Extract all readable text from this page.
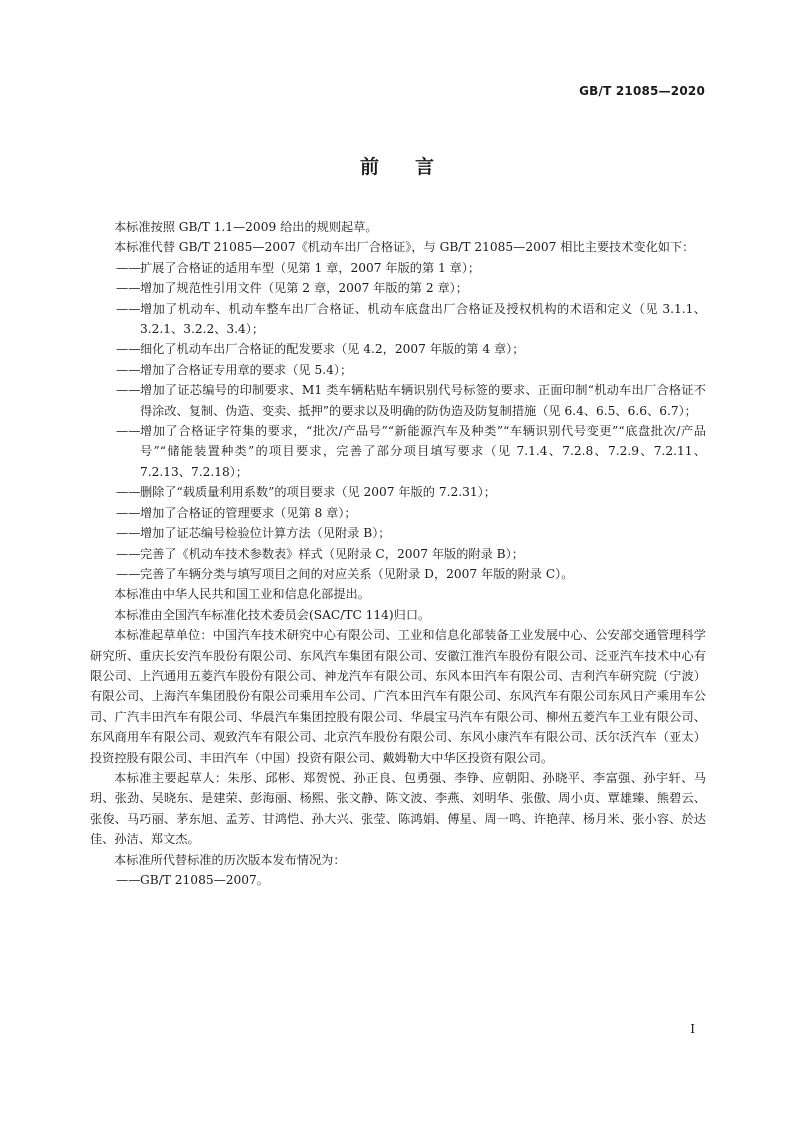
GB/T 21085—2020
前言

本标准按照 GB/T 1.1—2009 给出的规则起草。

本标准代替 GB/T 21085—2007《机动车出厂合格证》，与 GB/T 21085—2007 相比主要技术变化如下：

—— 扩展了合格证的适用车型（见第 1 章，2007 年版的第 1 章）；

—— 增加了规范性引用文件（见第 2 章，2007 年版的第 2 章）；

—— 增加了机动车、机动车整车出厂合格证、机动车底盘出厂合格证及授权机构的术语和定义（见 3.1.1、3.2.1、3.2.2、3.4）；

—— 细化了机动车出厂合格证的配发要求（见 4.2，2007 年版的第 4 章）；

—— 增加了合格证专用章的要求（见 5.4）；

—— 增加了证芯编号的印制要求、M1 类车辆粘贴车辆识别代号标签的要求、正面印制“机动车出厂合格证不得涂改、复制、伪造、变卖、抵押”的要求以及明确的防伪造及防复制措施（见 6.4、6.5、6.6、6.7）；

—— 增加了合格证字符集的要求，“批次/产品号”“新能源汽车及种类”“车辆识别代号变更”“底盘批次/产品号”“储能装置种类”的项目要求，完善了部分项目填写要求（见 7.1.4、7.2.8、7.2.9、7.2.11、7.2.13、7.2.18）；

—— 删除了“载质量利用系数”的项目要求（见 2007 年版的 7.2.31）；

—— 增加了合格证的管理要求（见第 8 章）；

—— 增加了证芯编号检验位计算方法（见附录 B）；

—— 完善了《机动车技术参数表》样式（见附录 C，2007 年版的附录 B）；

—— 完善了车辆分类与填写项目之间的对应关系（见附录 D，2007 年版的附录 C）。

本标准由中华人民共和国工业和信息化部提出。

本标准由全国汽车标准化技术委员会(SAC/TC 114)归口。

本标准起草单位：中国汽车技术研究中心有限公司、工业和信息化部装备工业发展中心、公安部交通管理科学研究所、重庆长安汽车股份有限公司、东风汽车集团有限公司、安徽江淮汽车股份有限公司、泛亚汽车技术中心有限公司、上汽通用五菱汽车股份有限公司、神龙汽车有限公司、东风本田汽车有限公司、吉利汽车研究院（宁波）有限公司、上海汽车集团股份有限公司乘用车公司、广汽本田汽车有限公司、东风汽车有限公司东风日产乘用车公司、广汽丰田汽车有限公司、华晨汽车集团控股有限公司、华晨宝马汽车有限公司、柳州五菱汽车工业有限公司、东风商用车有限公司、观致汽车有限公司、北京汽车股份有限公司、东风小康汽车有限公司、沃尔沃汽车（亚太）投资控股有限公司、丰田汽车（中国）投资有限公司、戴姆勒大中华区投资有限公司。

本标准主要起草人：朱彤、邱彬、郑贺悦、孙正良、包勇强、李铮、应朝阳、孙晓平、李富强、孙宇轩、马玥、张劲、吴晓东、是建荣、彭海丽、杨熙、张文静、陈文波、李燕、刘明华、张傲、周小贞、覃雄臻、熊碧云、张俊、马巧丽、茅东旭、孟芳、甘鸿恺、孙大兴、张莹、陈鸿娟、傅星、周一鸣、许艳萍、杨月米、张小容、於达佳、孙洁、郑文杰。

本标准所代替标准的历次版本发布情况为：

—— GB/T 21085—2007。

I
